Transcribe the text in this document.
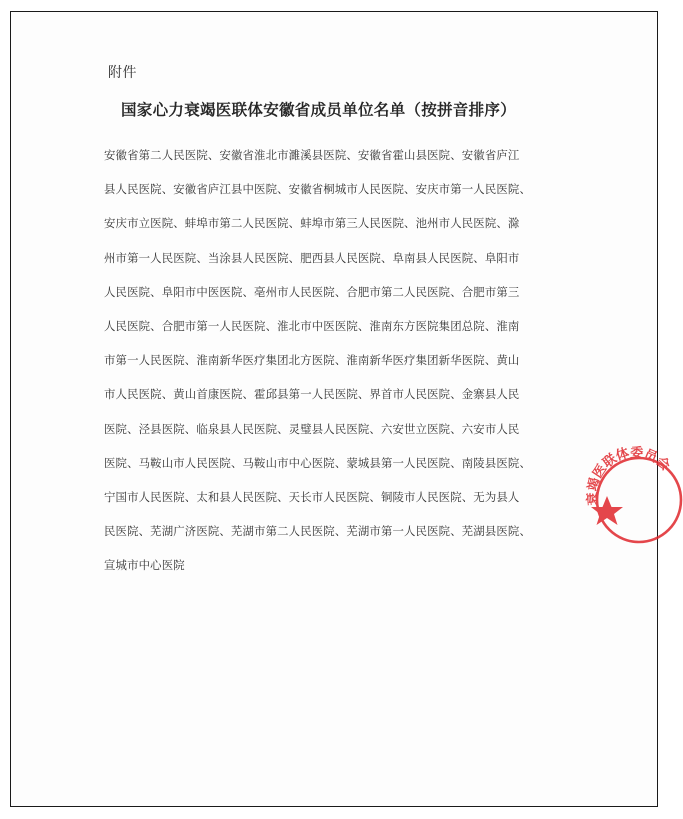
附件
国家心力衰竭医联体安徽省成员单位名单（按拼音排序）
安徽省第二人民医院、安徽省淮北市濉溪县医院、安徽省霍山县医院、安徽省庐江
县人民医院、安徽省庐江县中医院、安徽省桐城市人民医院、安庆市第一人民医院、
安庆市立医院、蚌埠市第二人民医院、蚌埠市第三人民医院、池州市人民医院、滁
州市第一人民医院、当涂县人民医院、肥西县人民医院、阜南县人民医院、阜阳市
人民医院、阜阳市中医医院、亳州市人民医院、合肥市第二人民医院、合肥市第三
人民医院、合肥市第一人民医院、淮北市中医医院、淮南东方医院集团总院、淮南
市第一人民医院、淮南新华医疗集团北方医院、淮南新华医疗集团新华医院、黄山
市人民医院、黄山首康医院、霍邱县第一人民医院、界首市人民医院、金寨县人民
医院、泾县医院、临泉县人民医院、灵璧县人民医院、六安世立医院、六安市人民
医院、马鞍山市人民医院、马鞍山市中心医院、蒙城县第一人民医院、南陵县医院、
宁国市人民医院、太和县人民医院、天长市人民医院、铜陵市人民医院、无为县人
民医院、芜湖广济医院、芜湖市第二人民医院、芜湖市第一人民医院、芜湖县医院、
宣城市中心医院
衰竭医联体委员会
